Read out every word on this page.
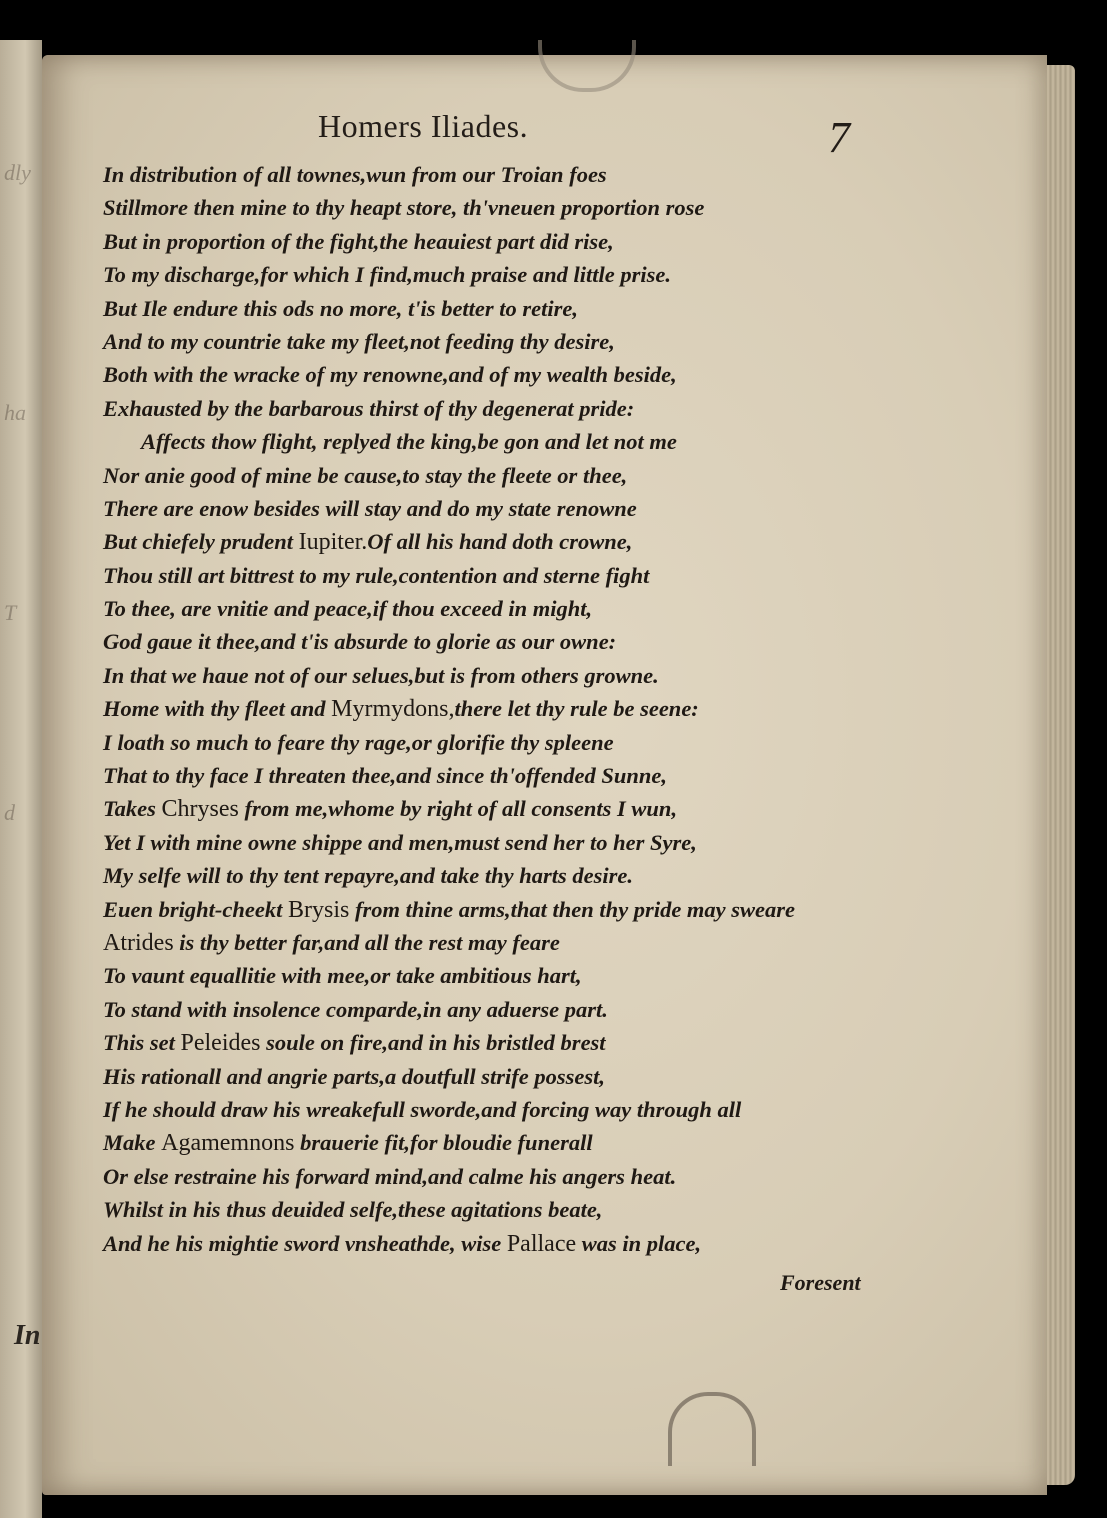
dly
ha
T
d
In
Homers Iliades.	7
In distribution of all townes,wun from our Troian foes
Stillmore then mine to thy heapt store, th'vneuen proportion rose
But in proportion of the fight,the heauiest part did rise,
To my discharge,for which I find,much praise and little prise.
But Ile endure this ods no more, t'is better to retire,
And to my countrie take my fleet,not feeding thy desire,
Both with the wracke of my renowne,and of my wealth beside,
Exhausted by the barbarous thirst of thy degenerat pride:
Affects thow flight, replyed the king,be gon and let not me
Nor anie good of mine be cause,to stay the fleete or thee,
There are enow besides will stay and do my state renowne
But chiefely prudent Iupiter.Of all his hand doth crowne,
Thou still art bittrest to my rule,contention and sterne fight
To thee, are vnitie and peace,if thou exceed in might,
God gaue it thee,and t'is absurde to glorie as our owne:
In that we haue not of our selues,but is from others growne.
Home with thy fleet and Myrmydons,there let thy rule be seene:
I loath so much to feare thy rage,or glorifie thy spleene
That to thy face I threaten thee,and since th'offended Sunne,
Takes Chryses from me,whome by right of all consents I wun,
Yet I with mine owne shippe and men,must send her to her Syre,
My selfe will to thy tent repayre,and take thy harts desire.
Euen bright-cheekt Brysis from thine arms,that then thy pride may sweare
Atrides is thy better far,and all the rest may feare
To vaunt equallitie with mee,or take ambitious hart,
To stand with insolence comparde,in any aduerse part.
This set Peleides soule on fire,and in his bristled brest
His rationall and angrie parts,a doutfull strife possest,
If he should draw his wreakefull sworde,and forcing way through all
Make Agamemnons brauerie fit,for bloudie funerall
Or else restraine his forward mind,and calme his angers heat.
Whilst in his thus deuided selfe,these agitations beate,
And he his mightie sword vnsheathde, wise Pallace was in place,
Foresent
